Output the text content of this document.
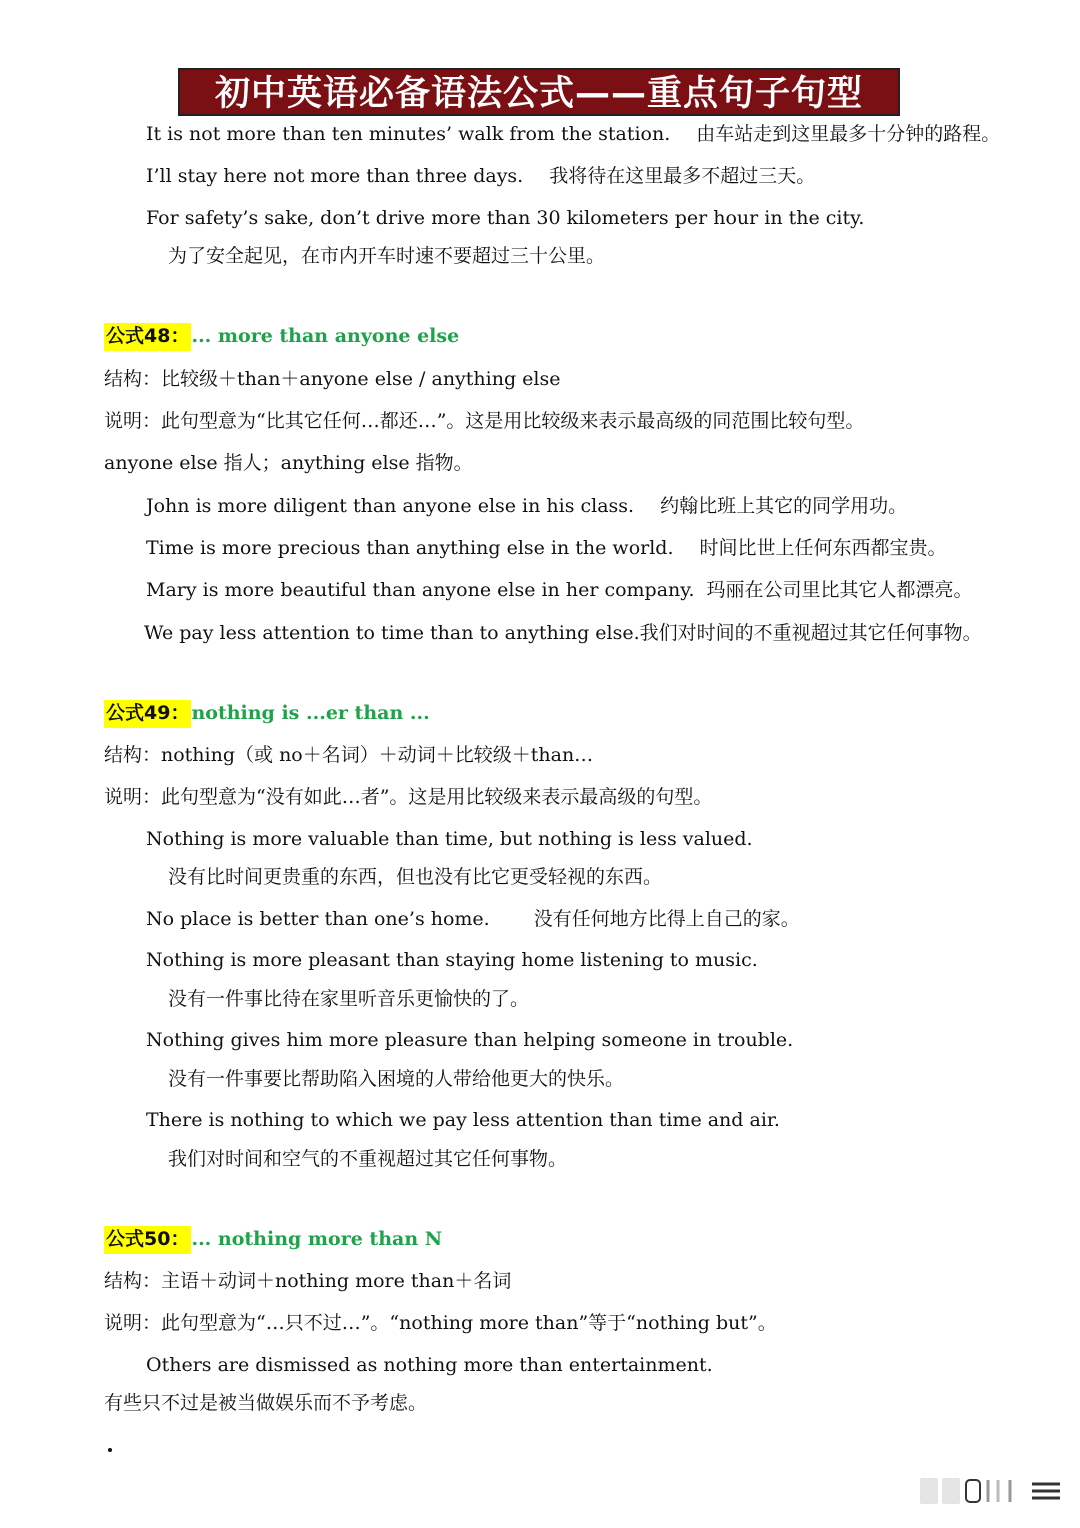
初中英语必备语法公式——重点句子句型
It is not more than ten minutes’ walk from the station. 由车站走到这里最多十分钟的路程。
I’ll stay here not more than three days. 我将待在这里最多不超过三天。
For safety’s sake, don’t drive more than 30 kilometers per hour in the city.
为了安全起见，在市内开车时速不要超过三十公里。
公式48： ... more than anyone else
结构：比较级＋than＋anyone else / anything else
说明：此句型意为“比其它任何…都还…”。这是用比较级来表示最高级的同范围比较句型。
anyone else 指人；anything else 指物。
John is more diligent than anyone else in his class. 约翰比班上其它的同学用功。
Time is more precious than anything else in the world. 时间比世上任何东西都宝贵。
Mary is more beautiful than anyone else in her company. 玛丽在公司里比其它人都漂亮。
We pay less attention to time than to anything else.我们对时间的不重视超过其它任何事物。
公式49： nothing is ...er than ...
结构：nothing（或 no＋名词）＋动词＋比较级＋than…
说明：此句型意为“没有如此…者”。这是用比较级来表示最高级的句型。
Nothing is more valuable than time, but nothing is less valued.
没有比时间更贵重的东西，但也没有比它更受轻视的东西。
No place is better than one’s home. 没有任何地方比得上自己的家。
Nothing is more pleasant than staying home listening to music.
没有一件事比待在家里听音乐更愉快的了。
Nothing gives him more pleasure than helping someone in trouble.
没有一件事要比帮助陷入困境的人带给他更大的快乐。
There is nothing to which we pay less attention than time and air.
我们对时间和空气的不重视超过其它任何事物。
公式50： ... nothing more than N
结构：主语＋动词＋nothing more than＋名词
说明：此句型意为“…只不过…”。“nothing more than”等于“nothing but”。
Others are dismissed as nothing more than entertainment.
有些只不过是被当做娱乐而不予考虑。
